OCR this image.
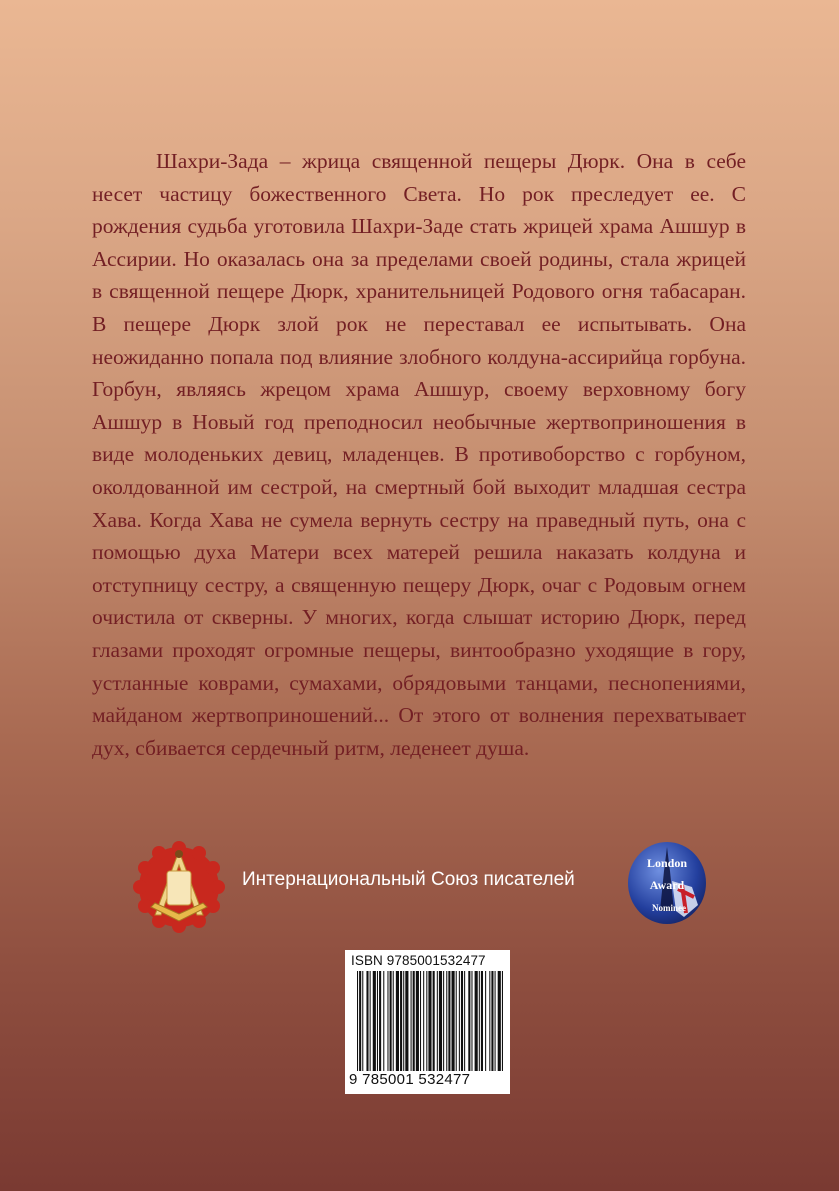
Шахри-Зада – жрица священной пещеры Дюрк. Она в себе несет частицу божественного Света. Но рок преследует ее. С рождения судьба уготовила Шахри-Заде стать жрицей храма Ашшур в Ассирии. Но оказалась она за пределами своей родины, стала жрицей в священной пещере Дюрк, хранительницей Родового огня табасаран. В пещере Дюрк злой рок не переставал ее испытывать. Она неожиданно попала под влияние злобного колдуна-ассирийца горбуна. Горбун, являясь жрецом храма Ашшур, своему верховному богу Ашшур в Новый год преподносил необычные жертвоприношения в виде молоденьких девиц, младенцев. В противоборство с горбуном, околдованной им сестрой, на смертный бой выходит младшая сестра Хава. Когда Хава не сумела вернуть сестру на праведный путь, она с помощью духа Матери всех матерей решила наказать колдуна и отступницу сестру, а священную пещеру Дюрк, очаг с Родовым огнем очистила от скверны. У многих, когда слышат историю Дюрк, перед глазами проходят огромные пещеры, винтообразно уходящие в гору, устланные коврами, сумахами, обрядовыми танцами, песнопениями, майданом жертвоприношений... От этого от волнения перехватывает дух, сбивается сердечный ритм, леденеет душа.

Интернациональный Союз писателей
London
Award
Nominee
ISBN 9785001532477
9 785001 532477
